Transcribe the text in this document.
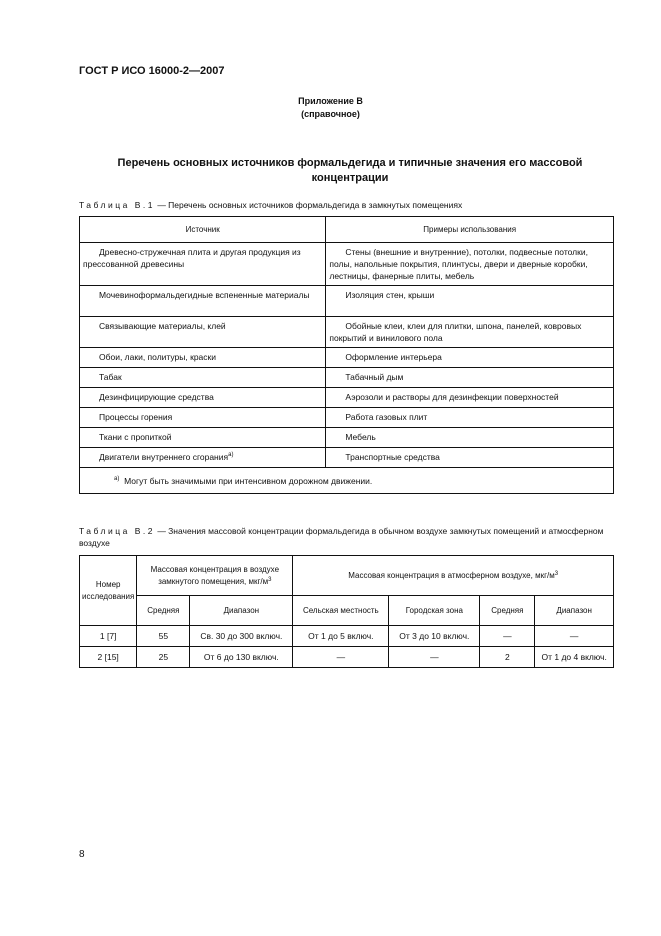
ГОСТ Р ИСО 16000-2—2007
Приложение В
(справочное)
Перечень основных источников формальдегида и типичные значения его массовой
концентрации
Таблица В.1 — Перечень основных источников формальдегида в замкнутых помещениях
Источник	Примеры использования
Древесно-стружечная плита и другая продукция из прессованной древесины	Стены (внешние и внутренние), потолки, подвесные потолки, полы, напольные покрытия, плинтусы, двери и дверные коробки, лестницы, фанерные плиты, мебель
Мочевиноформальдегидные вспененные материалы	Изоляция стен, крыши
Связывающие материалы, клей	Обойные клеи, клеи для плитки, шпона, панелей, ковровых покрытий и винилового пола
Обои, лаки, политуры, краски	Оформление интерьера
Табак	Табачный дым
Дезинфицирующие средства	Аэрозоли и растворы для дезинфекции поверхностей
Процессы горения	Работа газовых плит
Ткани с пропиткой	Мебель
Двигатели внутреннего сгорания$^{а)}$	Транспортные средства
$^{а)}$ Могут быть значимыми при интенсивном дорожном движении.	
Таблица В.2 — Значения массовой концентрации формальдегида в обычном воздухе замкнутых помещений и атмосферном воздухе
Номер исследования	Массовая концентрация в воздухе замкнутого помещения, мкг/$м^3$		Массовая концентрация в атмосферном воздухе, мкг/$м^3$
	Средняя	Диапазон	Сельская местность	Городская зона	Средняя	Диапазон
1 [7]	55	Св. 30 до 300 включ.	От 1 до 5 включ.	От 3 до 10 включ.	—	—
2 [15]	25	От 6 до 130 включ.	—	—	2	От 1 до 4 включ.
8
